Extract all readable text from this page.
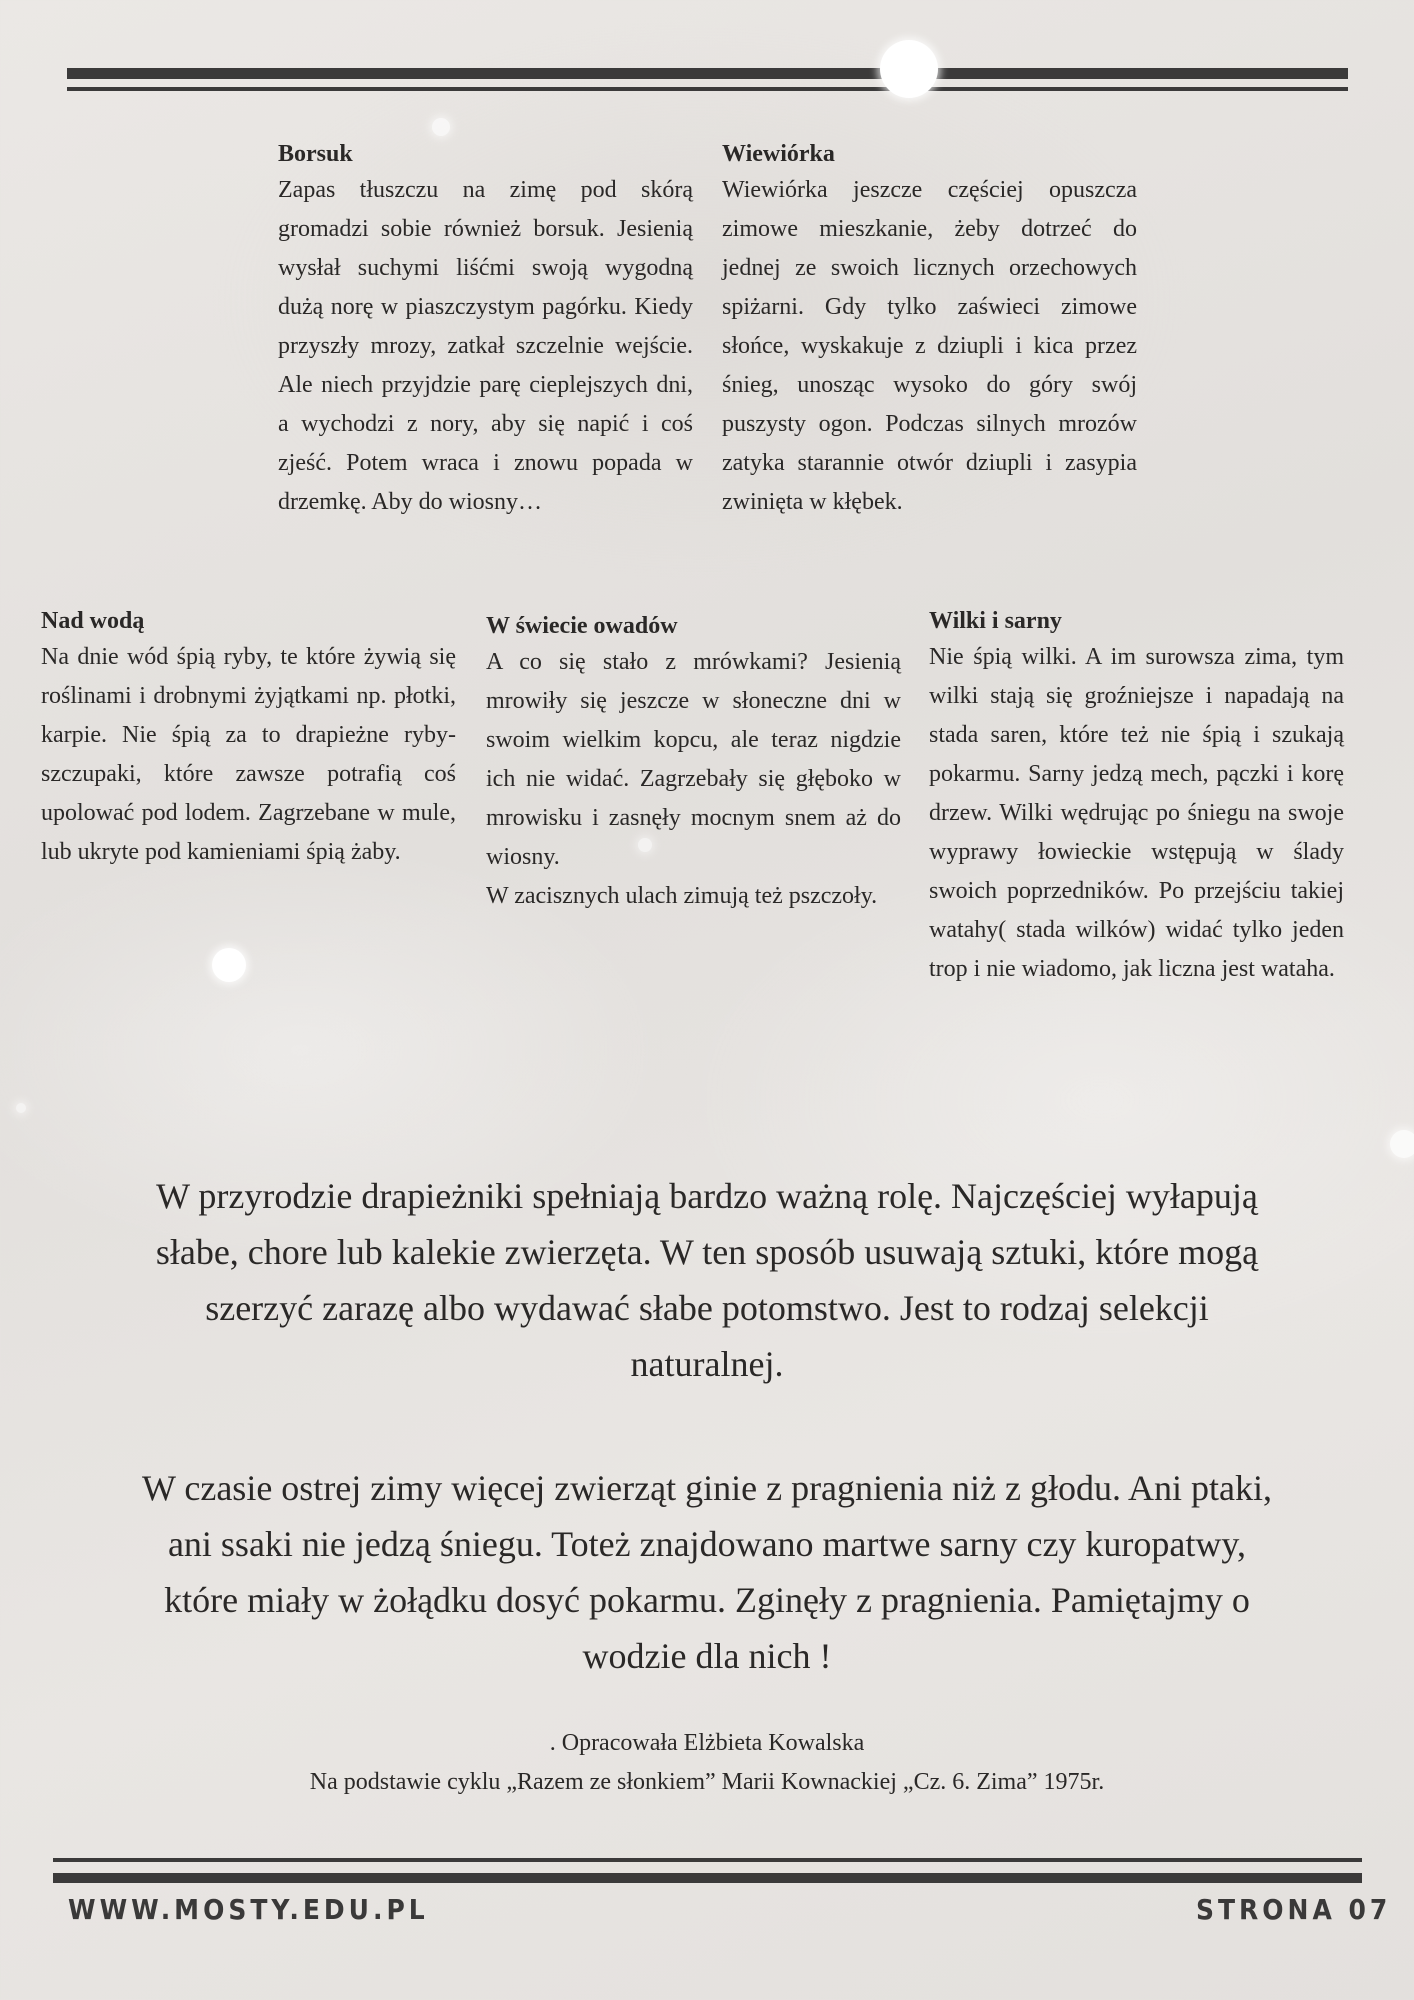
Borsuk

Zapas tłuszczu na zimę pod skórą gromadzi sobie również borsuk. Jesienią wysłał suchymi liśćmi swoją wygodną dużą norę w piaszczystym pagórku. Kiedy przyszły mrozy, zatkał szczelnie wejście. Ale niech przyjdzie parę cieplejszych dni, a wychodzi z nory, aby się napić i coś zjeść. Potem wraca i znowu popada w drzemkę. Aby do wiosny…

Wiewiórka

Wiewiórka jeszcze częściej opuszcza zimowe mieszkanie, żeby dotrzeć do jednej ze swoich licznych orzechowych spiżarni. Gdy tylko zaświeci zimowe słońce, wyskakuje z dziupli i kica przez śnieg, unosząc wysoko do góry swój puszysty ogon. Podczas silnych mrozów zatyka starannie otwór dziupli i zasypia zwinięta w kłębek.

Nad wodą

Na dnie wód śpią ryby, te które żywią się roślinami i drobnymi żyjątkami np. płotki, karpie. Nie śpią za to drapieżne ryby- szczupaki, które zawsze potrafią coś upolować pod lodem. Zagrzebane w mule, lub ukryte pod kamieniami śpią żaby.

W świecie owadów

A co się stało z mrówkami? Jesienią mrowiły się jeszcze w słoneczne dni w swoim wielkim kopcu, ale teraz nigdzie ich nie widać. Zagrzebały się głęboko w mrowisku i zasnęły mocnym snem aż do wiosny.

W zacisznych ulach zimują też pszczoły.

Wilki i sarny

Nie śpią wilki. A im surowsza zima, tym wilki stają się groźniejsze i napadają na stada saren, które też nie śpią i szukają pokarmu. Sarny jedzą mech, pączki i korę drzew. Wilki wędrując po śniegu na swoje wyprawy łowieckie wstępują w ślady swoich poprzedników. Po przejściu takiej watahy( stada wilków) widać tylko jeden trop i nie wiadomo, jak liczna jest wataha.

W przyrodzie drapieżniki spełniają bardzo ważną rolę. Najczęściej wyłapują słabe, chore lub kalekie zwierzęta. W ten sposób usuwają sztuki, które mogą szerzyć zarazę albo wydawać słabe potomstwo. Jest to rodzaj selekcji naturalnej.
W czasie ostrej zimy więcej zwierząt ginie z pragnienia niż z głodu. Ani ptaki, ani ssaki nie jedzą śniegu. Toteż znajdowano martwe sarny czy kuropatwy, które miały w żołądku dosyć pokarmu. Zginęły z pragnienia. Pamiętajmy o wodzie dla nich !
. Opracowała Elżbieta Kowalska
Na podstawie cyklu „Razem ze słonkiem” Marii Kownackiej „Cz. 6. Zima” 1975r.
WWW.MOSTY.EDU.PL	STRONA 07
